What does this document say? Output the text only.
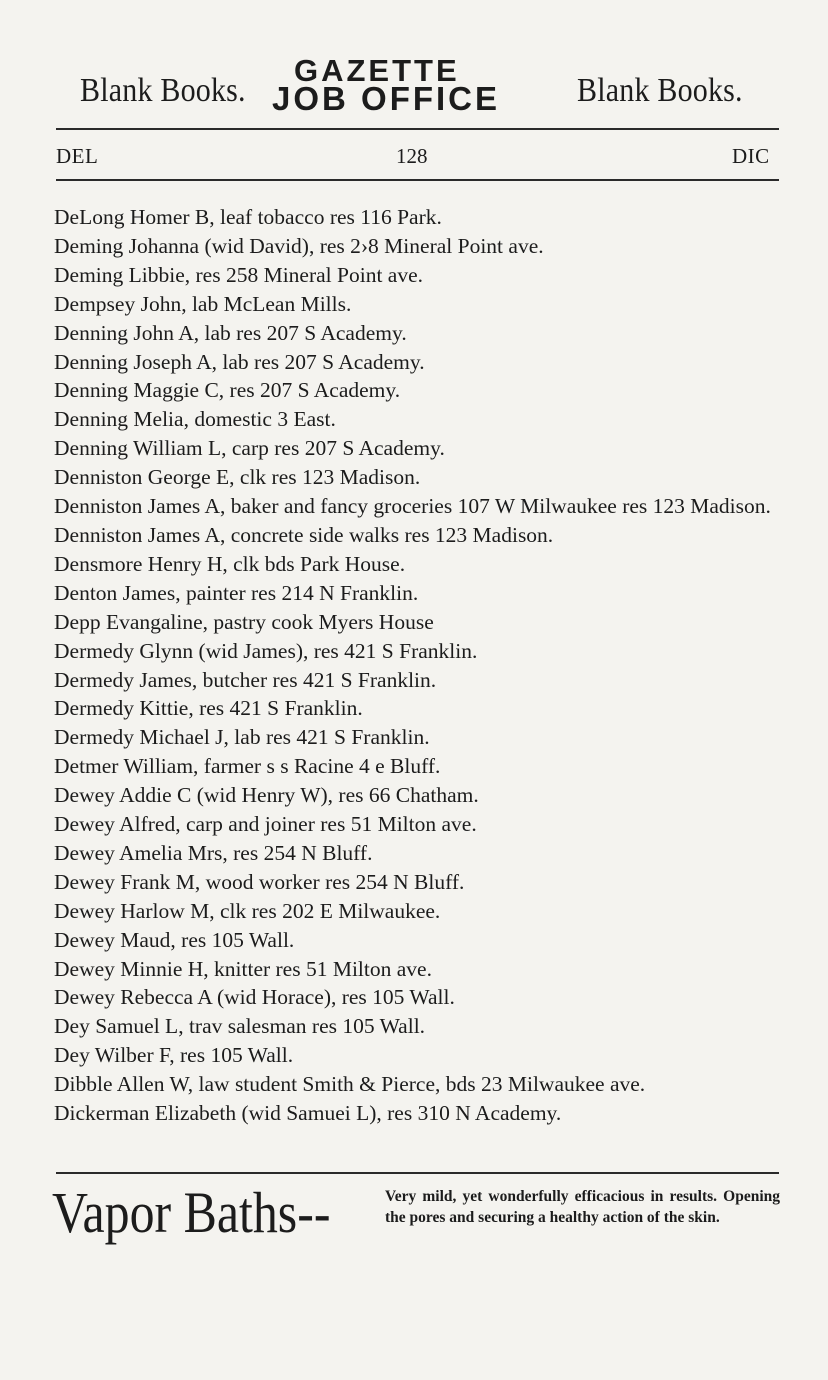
Blank Books.
GAZETTE
JOB OFFICE	Blank Books.
DEL	128	DIC
DeLong Homer B, leaf tobacco res 116 Park.
Deming Johanna (wid David), res 2›8 Mineral Point ave.
Deming Libbie, res 258 Mineral Point ave.
Dempsey John, lab McLean Mills.
Denning John A, lab res 207 S Academy.
Denning Joseph A, lab res 207 S Academy.
Denning Maggie C, res 207 S Academy.
Denning Melia, domestic 3 East.
Denning William L, carp res 207 S Academy.
Denniston George E, clk res 123 Madison.
Denniston James A, baker and fancy groceries 107 W Milwaukee res 123 Madison.
Denniston James A, concrete side walks res 123 Madison.
Densmore Henry H, clk bds Park House.
Denton James, painter res 214 N Franklin.
Depp Evangaline, pastry cook Myers House
Dermedy Glynn (wid James), res 421 S Franklin.
Dermedy James, butcher res 421 S Franklin.
Dermedy Kittie, res 421 S Franklin.
Dermedy Michael J, lab res 421 S Franklin.
Detmer William, farmer s s Racine 4 e Bluff.
Dewey Addie C (wid Henry W), res 66 Chatham.
Dewey Alfred, carp and joiner res 51 Milton ave.
Dewey Amelia Mrs, res 254 N Bluff.
Dewey Frank M, wood worker res 254 N Bluff.
Dewey Harlow M, clk res 202 E Milwaukee.
Dewey Maud, res 105 Wall.
Dewey Minnie H, knitter res 51 Milton ave.
Dewey Rebecca A (wid Horace), res 105 Wall.
Dey Samuel L, trav salesman res 105 Wall.
Dey Wilber F, res 105 Wall.
Dibble Allen W, law student Smith & Pierce, bds 23 Milwaukee ave.
Dickerman Elizabeth (wid Samuei L), res 310 N Academy.
Vapor Baths--	Very mild, yet wonderfully efficacious in results. Opening the pores and securing a healthy action of the skin.
